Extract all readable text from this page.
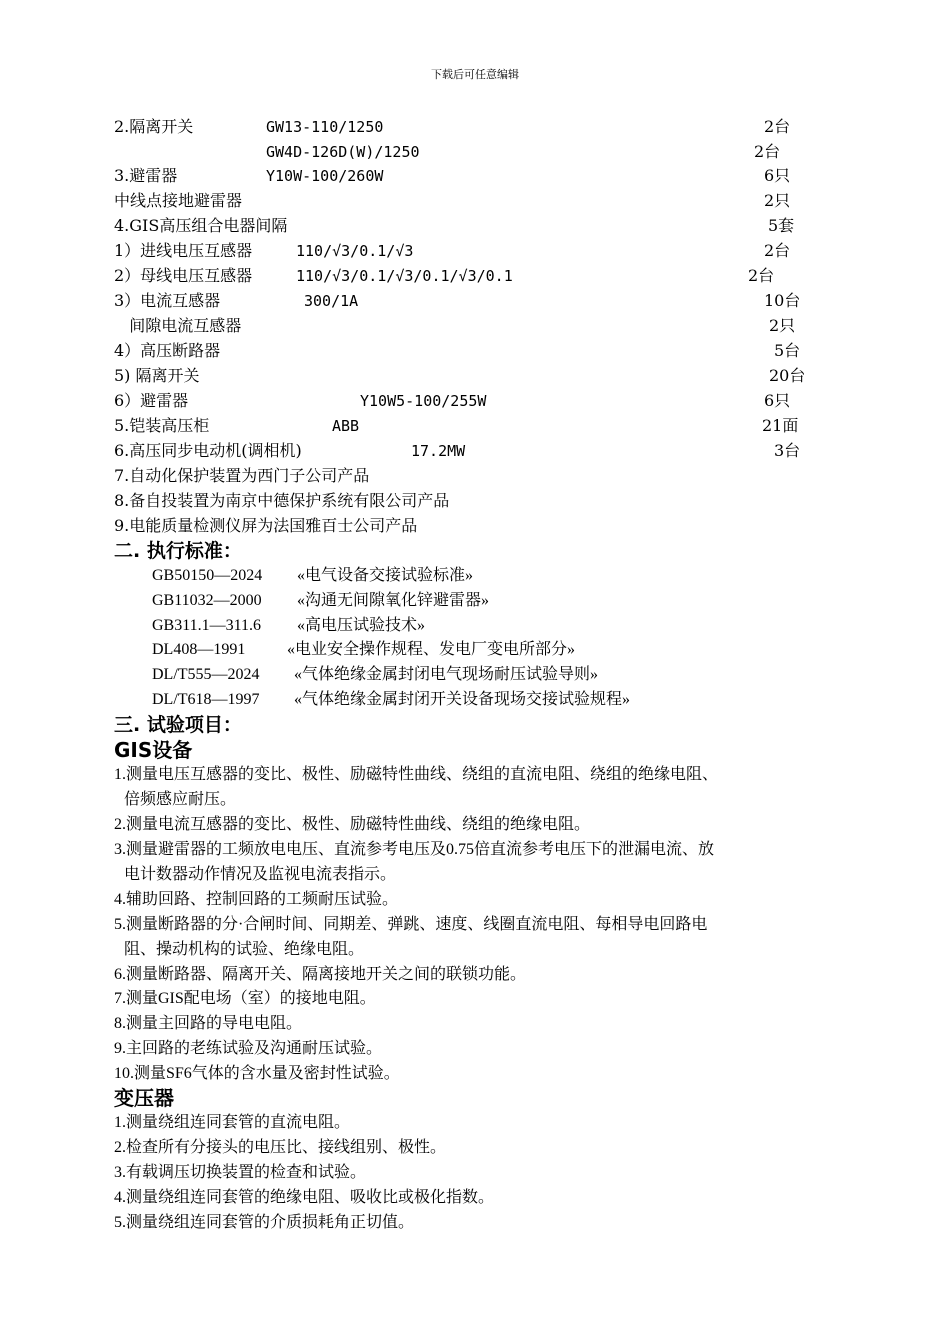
下载后可任意编辑
2.隔离开关	GW13-110/1250	2台
GW4D-126D(W)/1250	2台
3.避雷器	Y10W-100/260W	6只
中线点接地避雷器	2只
4.GIS高压组合电器间隔	5套
1）进线电压互感器	110/√3/0.1/√3	2台
2）母线电压互感器	110/√3/0.1/√3/0.1/√3/0.1	2台
3）电流互感器	300/1A	10台
间隙电流互感器	2只
4）高压断路器	5台
5) 隔离开关	20台
6）避雷器	Y10W5-100/255W	6只
5.铠装高压柜	ABB	21面
6.高压同步电动机(调相机)	17.2MW	3台
7.自动化保护装置为西门子公司产品
8.备自投装置为南京中德保护系统有限公司产品
9.电能质量检测仪屏为法国雅百士公司产品
二. 执行标准：
GB50150—2024 «电气设备交接试验标准»
GB11032—2000 «沟通无间隙氧化锌避雷器»
GB311.1—311.6 «高电压试验技术»
DL408—1991	«电业安全操作规程、发电厂变电所部分»
DL/T555—2024 «气体绝缘金属封闭电气现场耐压试验导则»
DL/T618—1997 «气体绝缘金属封闭开关设备现场交接试验规程»
三. 试验项目：
GIS设备
1.测量电压互感器的变比、极性、励磁特性曲线、绕组的直流电阻、绕组的绝缘电阻、
倍频感应耐压。
2.测量电流互感器的变比、极性、励磁特性曲线、绕组的绝缘电阻。
3.测量避雷器的工频放电电压、直流参考电压及0.75倍直流参考电压下的泄漏电流、放
电计数器动作情况及监视电流表指示。
4.辅助回路、控制回路的工频耐压试验。
5.测量断路器的分·合闸时间、同期差、弹跳、速度、线圈直流电阻、每相导电回路电
阻、操动机构的试验、绝缘电阻。
6.测量断路器、隔离开关、隔离接地开关之间的联锁功能。
7.测量GIS配电场（室）的接地电阻。
8.测量主回路的导电电阻。
9.主回路的老练试验及沟通耐压试验。
10.测量SF6气体的含水量及密封性试验。
变压器
1.测量绕组连同套管的直流电阻。
2.检查所有分接头的电压比、接线组别、极性。
3.有载调压切换装置的检查和试验。
4.测量绕组连同套管的绝缘电阻、吸收比或极化指数。
5.测量绕组连同套管的介质损耗角正切值。
